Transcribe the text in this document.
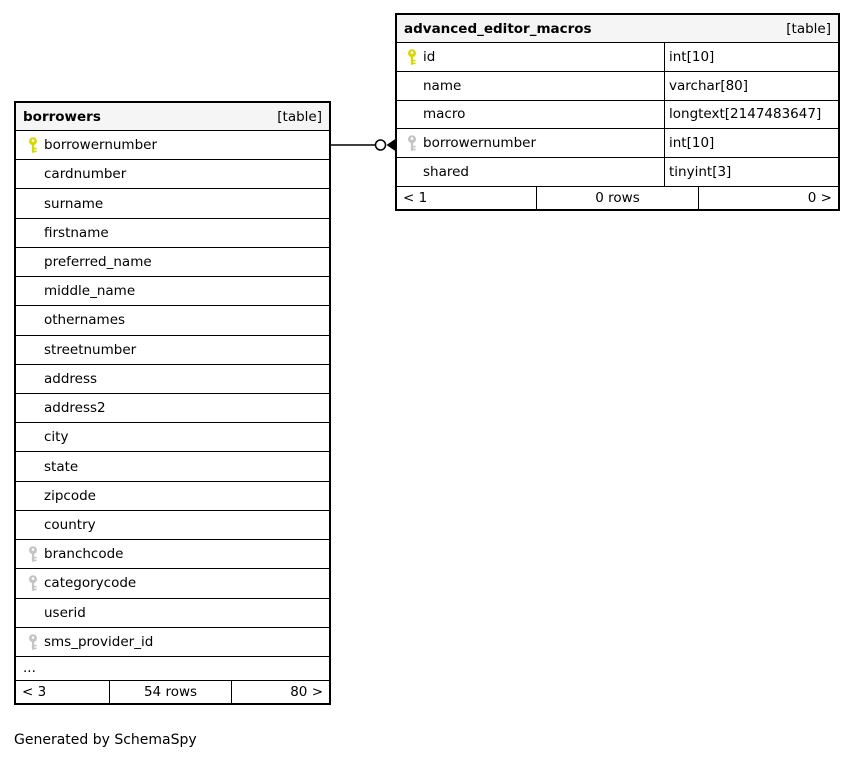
borrowers	[table]
borrowernumber
cardnumber
surname
firstname
preferred_name
middle_name
othernames
streetnumber
address
address2
city
state
zipcode
country
branchcode
categorycode
userid
sms_provider_id
...
< 3	54 rows	80 >
advanced_editor_macros	[table]
id	int[10]
name	varchar[80]
macro	longtext[2147483647]
borrowernumber	int[10]
shared	tinyint[3]
< 1	0 rows	0 >
Generated by SchemaSpy
